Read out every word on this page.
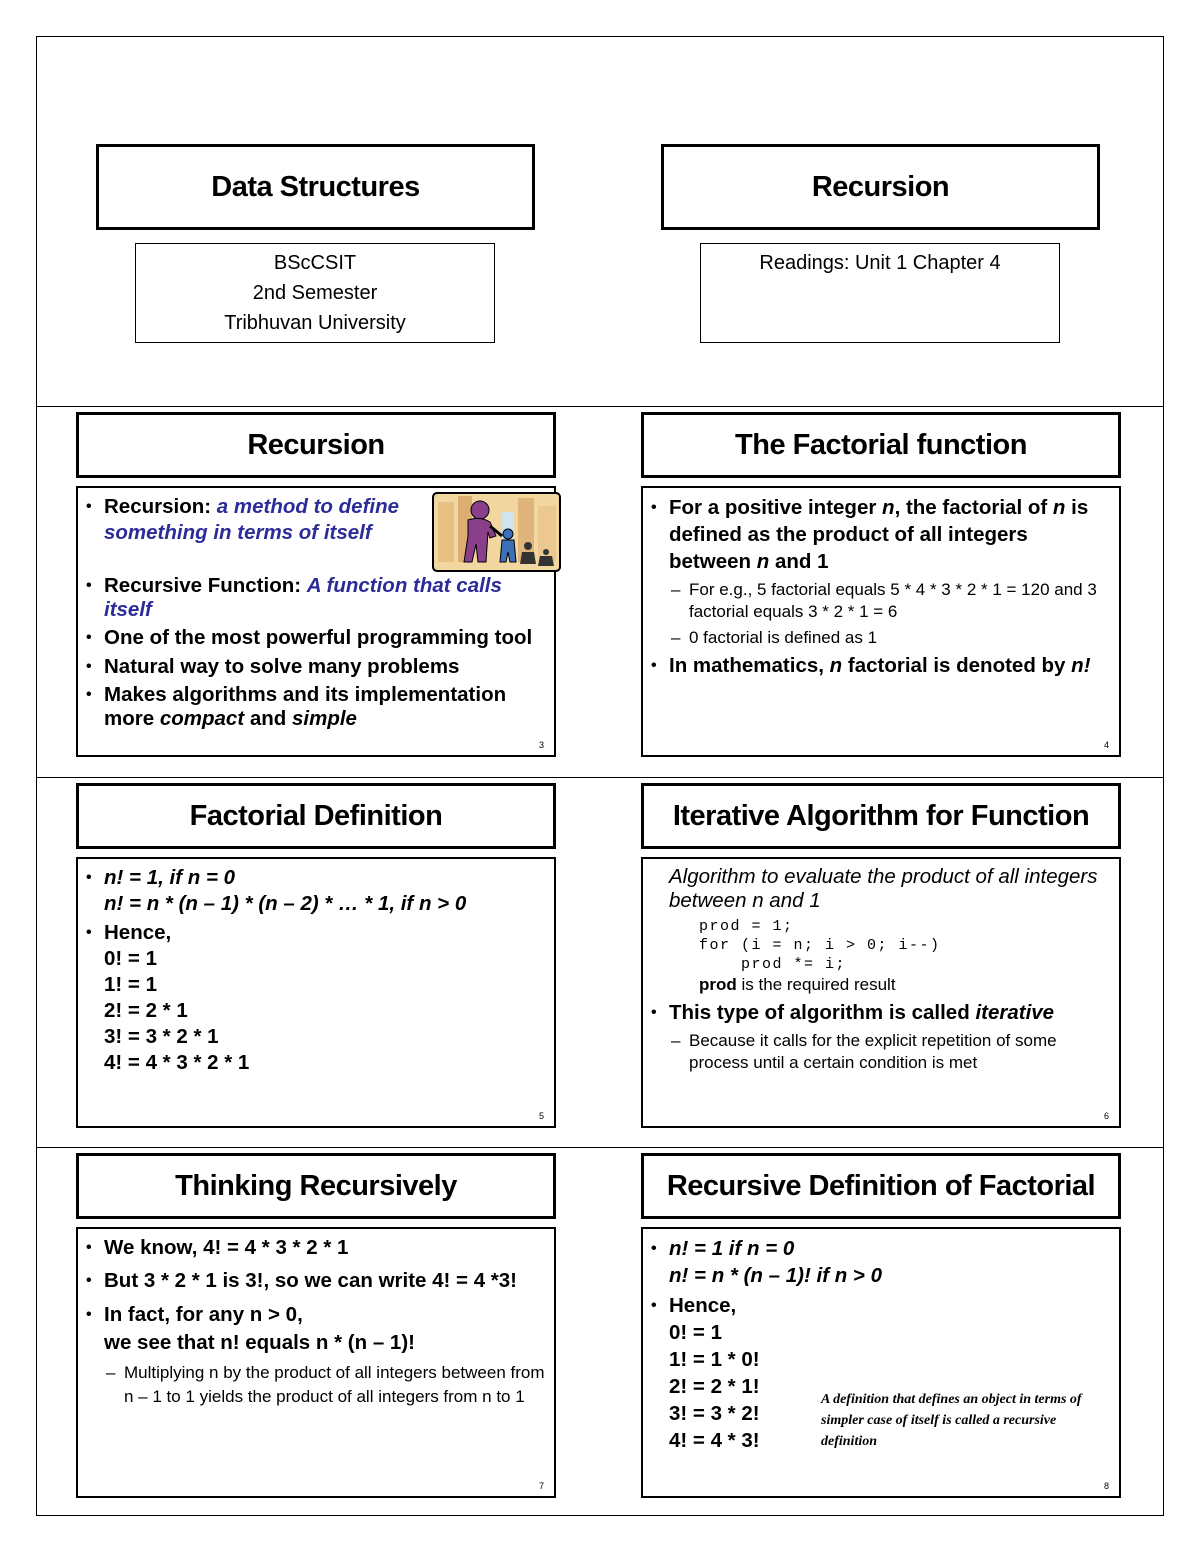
Data Structures
BScCSIT
2nd Semester
Tribhuvan University
Recursion
Readings: Unit 1 Chapter 4
Recursion
• Recursion: a method to define something in terms of itself
• Recursive Function: A function that calls itself
• One of the most powerful programming tool
• Natural way to solve many problems
• Makes algorithms and its implementation more compact and simple
3
The Factorial function
• For a positive integer n, the factorial of n is defined as the product of all integers between n and 1
– For e.g., 5 factorial equals 5 * 4 * 3 * 2 * 1 = 120 and 3 factorial equals 3 * 2 * 1 = 6
– 0 factorial is defined as 1
• In mathematics, n factorial is denoted by n!
4
Factorial Definition
• n! = 1, if n = 0
n! = n * (n – 1) * (n – 2) * … * 1, if n > 0
• Hence,
0! = 1
1! = 1
2! = 2 * 1
3! = 3 * 2 * 1
4! = 4 * 3 * 2 * 1
5
Iterative Algorithm for Function
Algorithm to evaluate the product of all integers between n and 1
prod = 1;
for (i = n; i > 0; i--)
prod *= i;
prod is the required result
• This type of algorithm is called iterative
– Because it calls for the explicit repetition of some process until a certain condition is met
6
Thinking Recursively
• We know, 4! = 4 * 3 * 2 * 1
• But 3 * 2 * 1 is 3!, so we can write 4! = 4 *3!
• In fact, for any n > 0,
we see that n! equals n * (n – 1)!
– Multiplying n by the product of all integers between from n – 1 to 1 yields the product of all integers from n to 1
7
Recursive Definition of Factorial
• n! = 1 if n = 0
n! = n * (n – 1)! if n > 0
• Hence,
0! = 1
1! = 1 * 0!
2! = 2 * 1!
3! = 3 * 2!
4! = 4 * 3!
A definition that defines an object in terms of simpler case of itself is called a recursive definition
8
